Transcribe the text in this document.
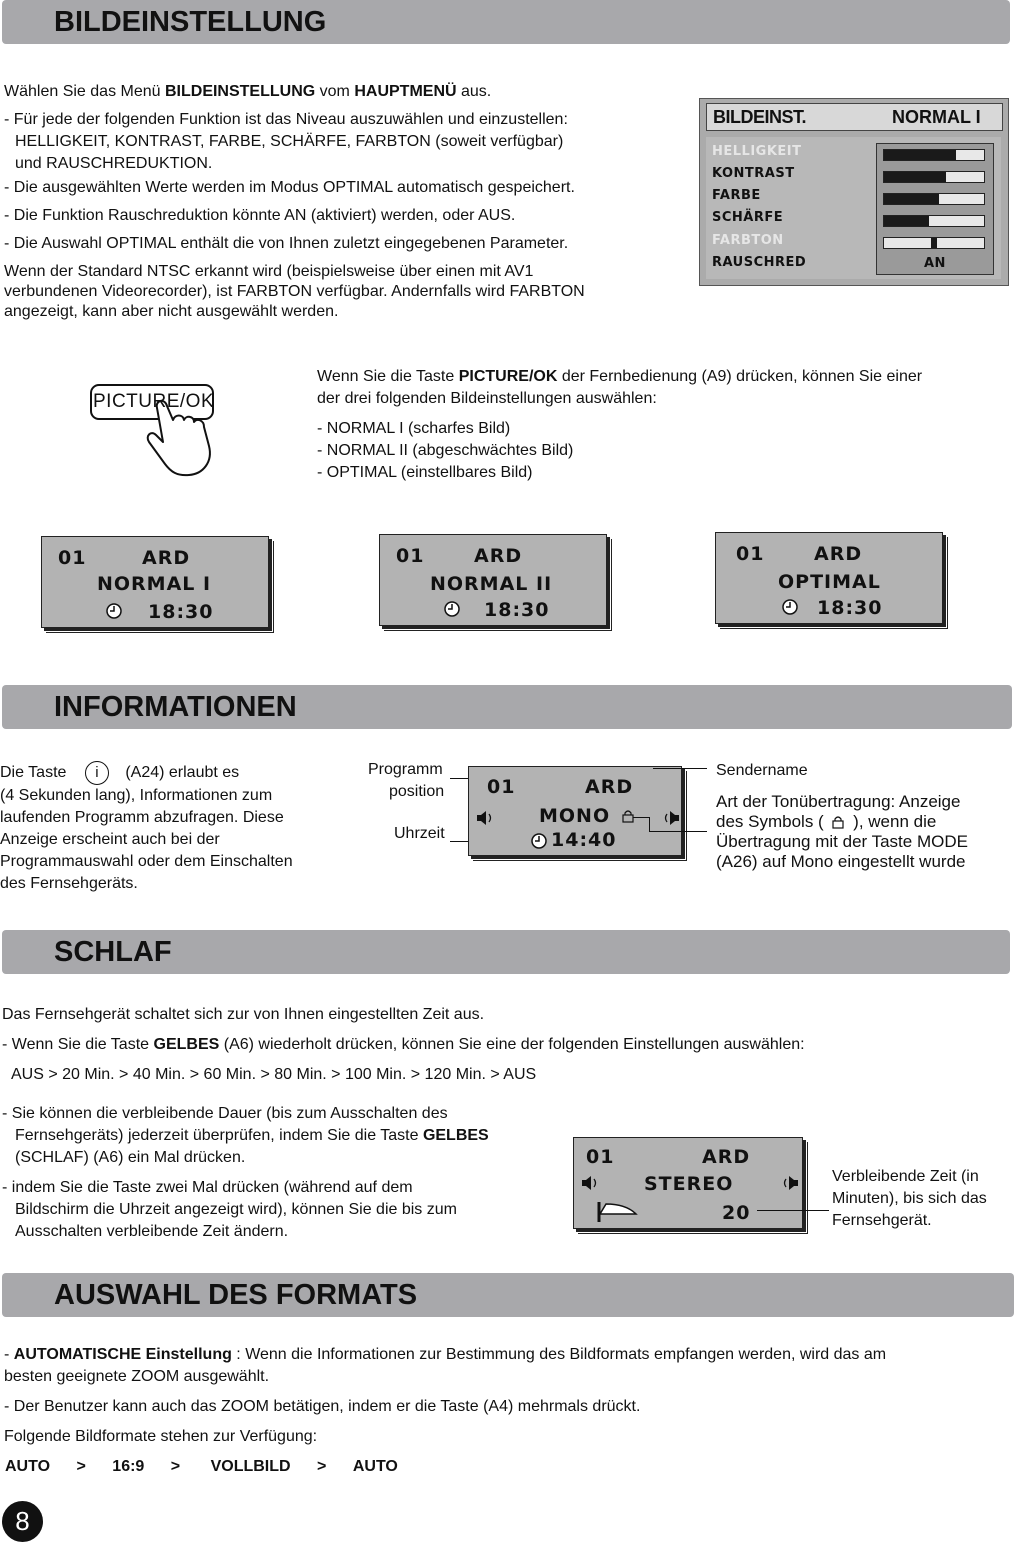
BILDEINSTELLUNG
Wählen Sie das Menü BILDEINSTELLUNG vom HAUPTMENÜ aus.
- Für jede der folgenden Funktion ist das Niveau auszuwählen und einzustellen:
HELLIGKEIT, KONTRAST, FARBE, SCHÄRFE, FARBTON (soweit verfügbar)
und RAUSCHREDUKTION.
- Die ausgewählten Werte werden im Modus OPTIMAL automatisch gespeichert.
- Die Funktion Rauschreduktion könnte AN (aktiviert) werden, oder AUS.
- Die Auswahl OPTIMAL enthält die von Ihnen zuletzt eingegebenen Parameter.
Wenn der Standard NTSC erkannt wird (beispielsweise über einen mit AV1
verbundenen Videorecorder), ist FARBTON verfügbar. Andernfalls wird FARBTON
angezeigt, kann aber nicht ausgewählt werden.
BILDEINST.	NORMAL I
HELLIGKEIT
KONTRAST
FARBE
SCHÄRFE
FARBTON
RAUSCHRED	AN
PICTURE/OK
Wenn Sie die Taste PICTURE/OK der Fernbedienung (A9) drücken, können Sie einer
der drei folgenden Bildeinstellungen auswählen:
- NORMAL I (scharfes Bild)
- NORMAL II (abgeschwächtes Bild)
- OPTIMAL (einstellbares Bild)
01	ARD
NORMAL I
18:30
01	ARD
NORMAL II
18:30
01	ARD
OPTIMAL
18:30
INFORMATIONEN
Die Taste i (A24) erlaubt es
(4 Sekunden lang), Informationen zum
laufenden Programm abzufragen. Diese
Anzeige erscheint auch bei der
Programmauswahl oder dem Einschalten
des Fernsehgeräts.
Programm
position
Uhrzeit
01	ARD
MONO
14:40
Sendername
Art der Tonübertragung: Anzeige
des Symbols ( ), wenn die
Übertragung mit der Taste MODE
(A26) auf Mono eingestellt wurde
SCHLAF
Das Fernsehgerät schaltet sich zur von Ihnen eingestellten Zeit aus.
- Wenn Sie die Taste GELBES (A6) wiederholt drücken, können Sie eine der folgenden Einstellungen auswählen:
AUS > 20 Min. > 40 Min. > 60 Min. > 80 Min. > 100 Min. > 120 Min. > AUS
- Sie können die verbleibende Dauer (bis zum Ausschalten des
Fernsehgeräts) jederzeit überprüfen, indem Sie die Taste GELBES
(SCHLAF) (A6) ein Mal drücken.
- indem Sie die Taste zwei Mal drücken (während auf dem
Bildschirm die Uhrzeit angezeigt wird), können Sie die bis zum
Ausschalten verbleibende Zeit ändern.
01	ARD
STEREO
20
Verbleibende Zeit (in
Minuten), bis sich das
Fernsehgerät.
AUSWAHL DES FORMATS
- AUTOMATISCHE Einstellung : Wenn die Informationen zur Bestimmung des Bildformats empfangen werden, wird das am
besten geeignete ZOOM ausgewählt.
- Der Benutzer kann auch das ZOOM betätigen, indem er die Taste (A4) mehrmals drückt.
Folgende Bildformate stehen zur Verfügung:
AUTO > 16:9 > VOLLBILD > AUTO
8
